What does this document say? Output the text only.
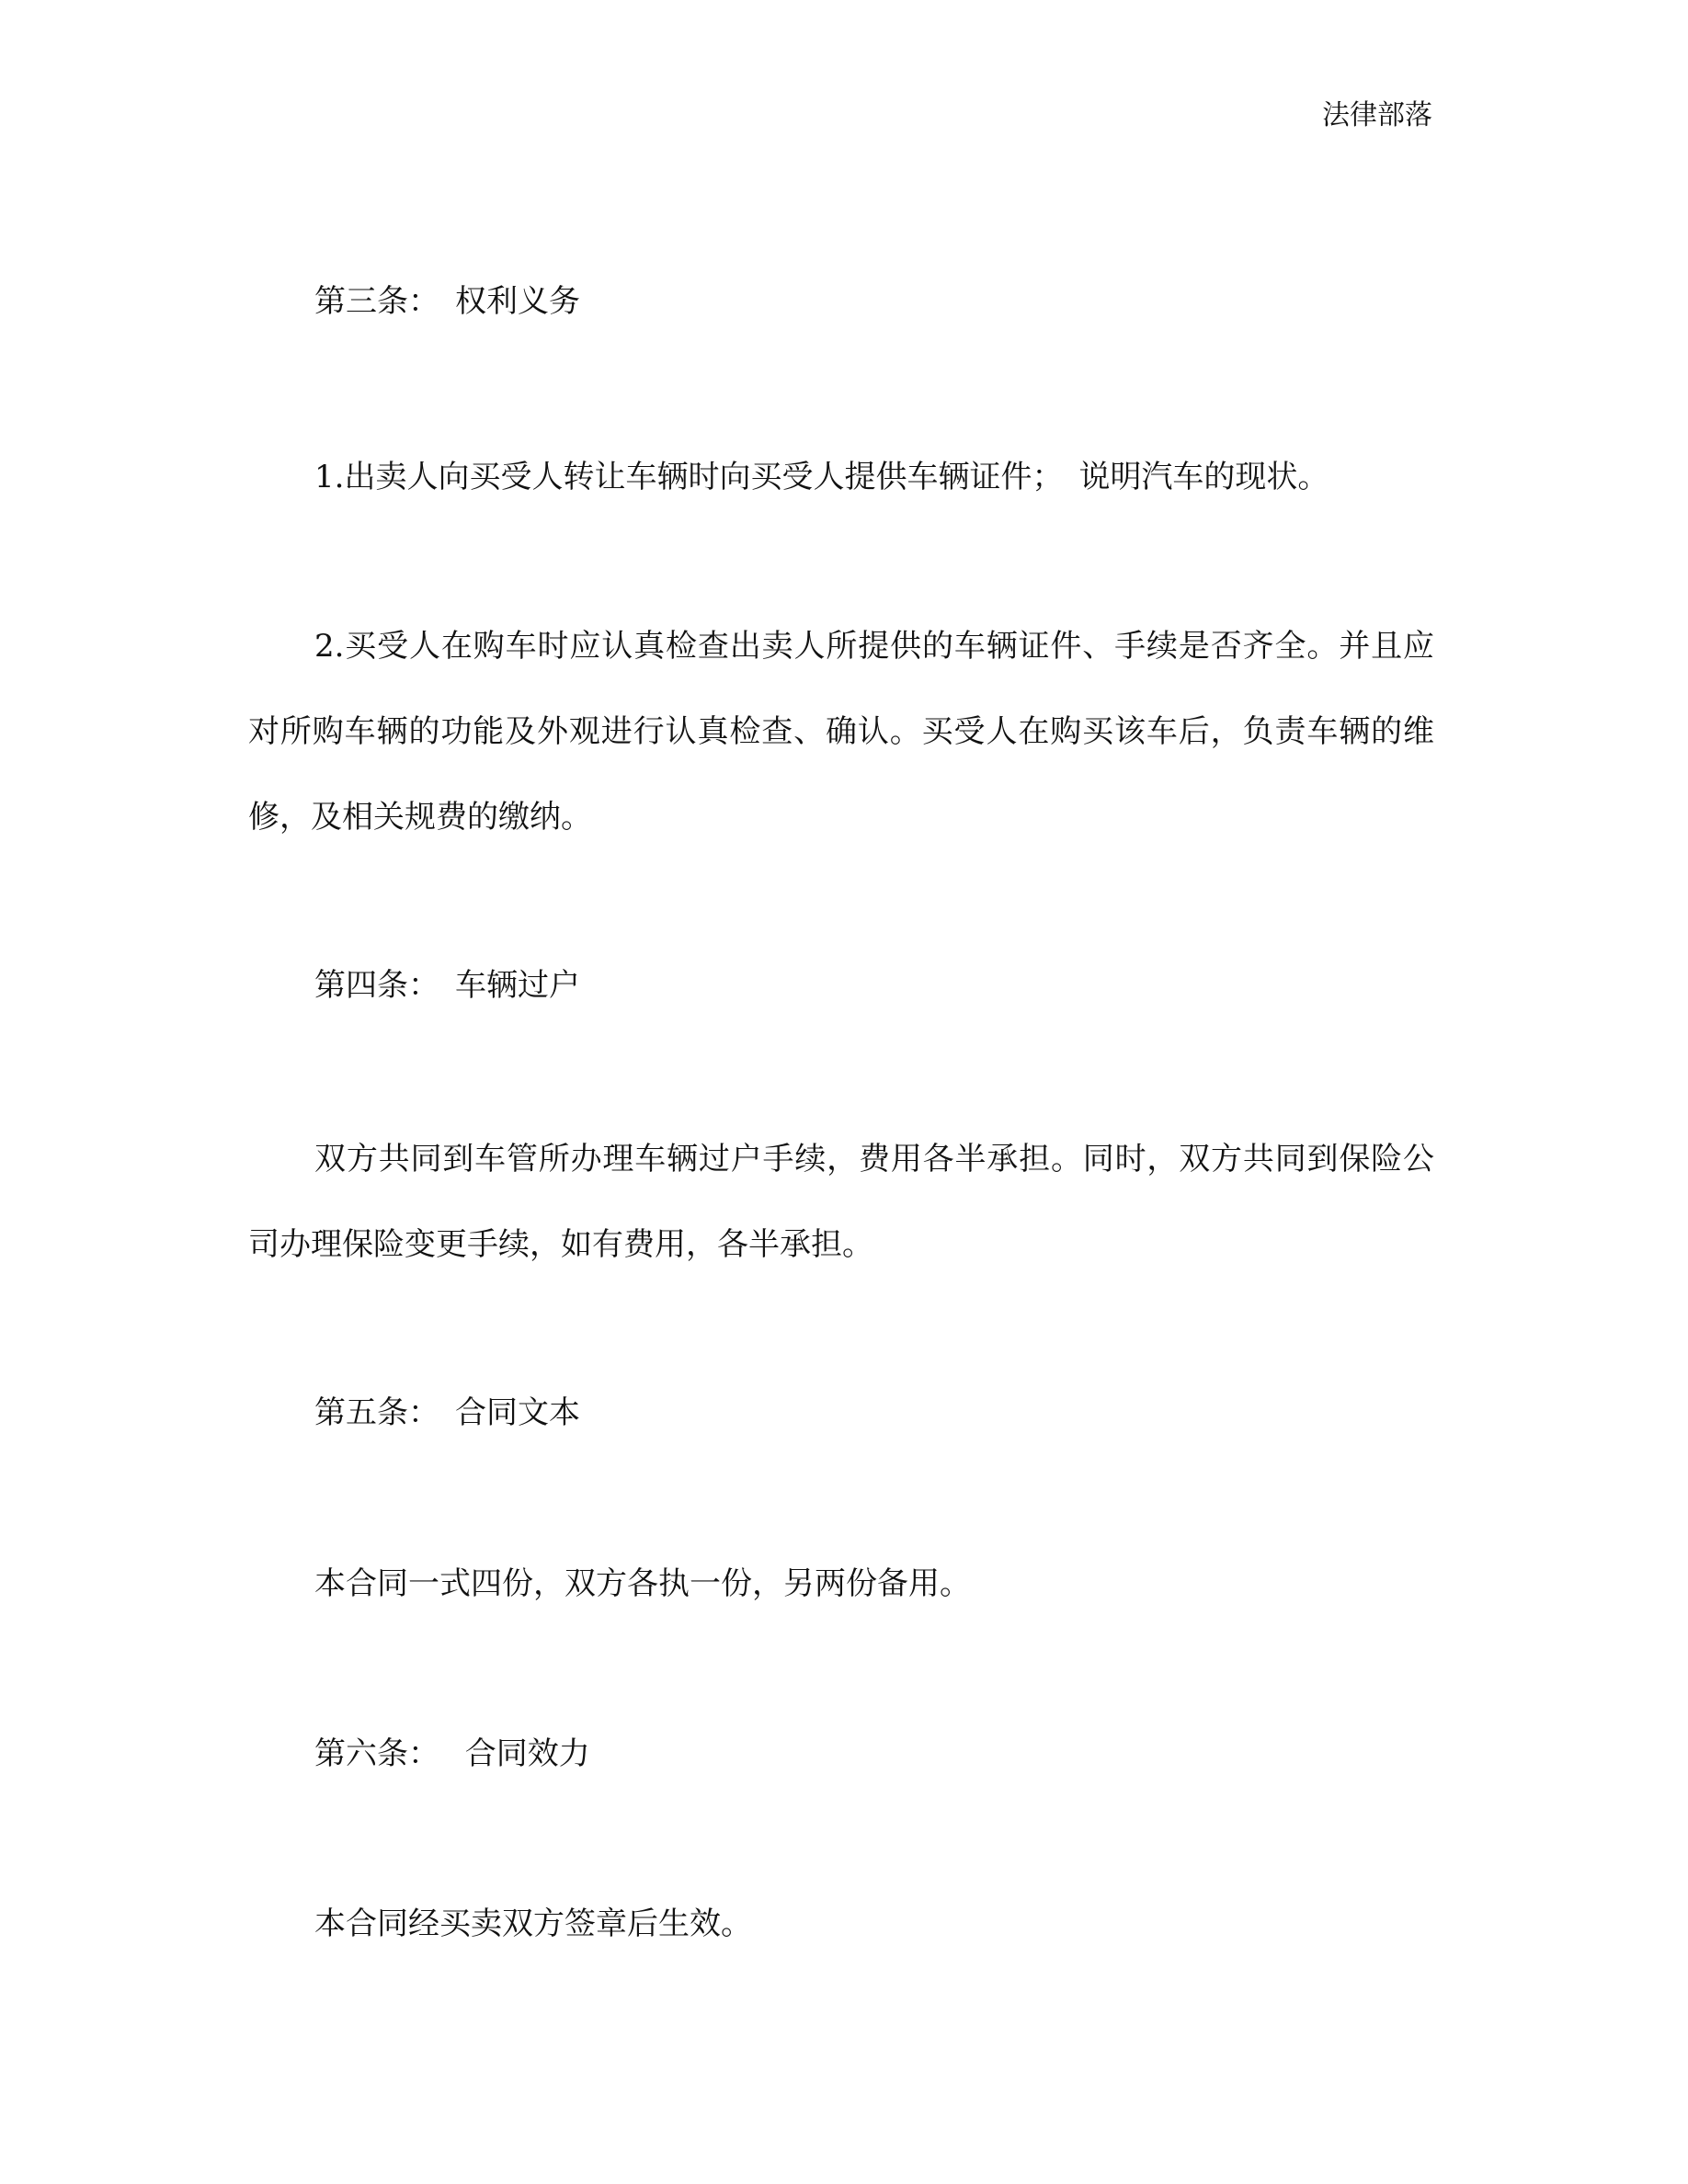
法律部落
第三条：　权利义务
1.出卖人向买受人转让车辆时向买受人提供车辆证件；　说明汽车的现状。
2.买受人在购车时应认真检查出卖人所提供的车辆证件、手续是否齐全。并且应对所购车辆的功能及外观进行认真检查、确认。买受人在购买该车后，负责车辆的维修，及相关规费的缴纳。
第四条：　车辆过户
双方共同到车管所办理车辆过户手续，费用各半承担。同时，双方共同到保险公司办理保险变更手续，如有费用，各半承担。
第五条：　合同文本
本合同一式四份，双方各执一份，另两份备用。
第六条：　 合同效力
本合同经买卖双方签章后生效。
